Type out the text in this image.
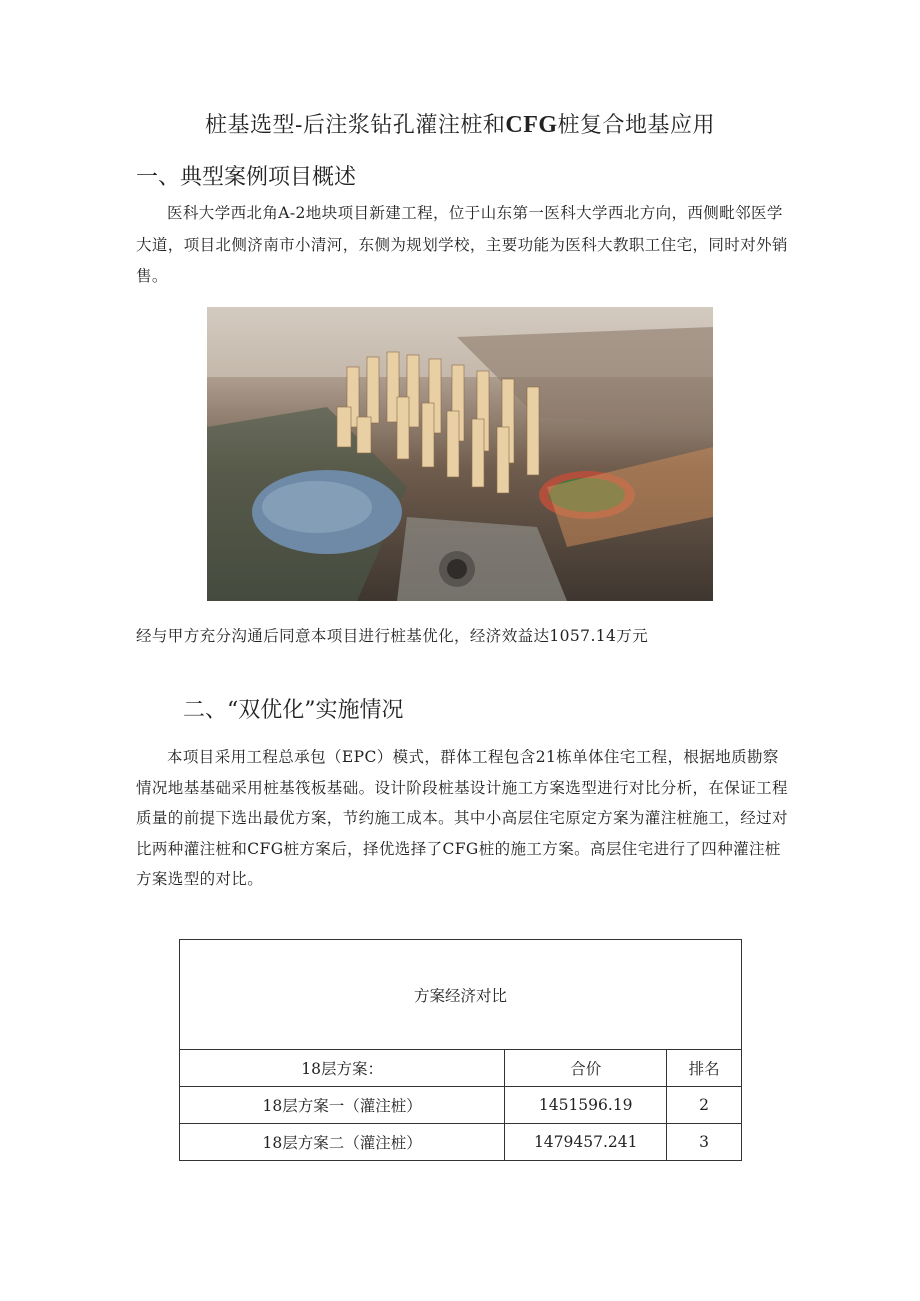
桩基选型-后注浆钻孔灌注桩和CFG桩复合地基应用
一、典型案例项目概述
医科大学西北角A-2地块项目新建工程，位于山东第一医科大学西北方向，西侧毗邻医学大道，项目北侧济南市小清河，东侧为规划学校，主要功能为医科大教职工住宅，同时对外销售。
经与甲方充分沟通后同意本项目进行桩基优化，经济效益达1057.14万元
二、“双优化”实施情况
本项目采用工程总承包（EPC）模式，群体工程包含21栋单体住宅工程，根据地质勘察情况地基基础采用桩基筏板基础。设计阶段桩基设计施工方案选型进行对比分析，在保证工程质量的前提下选出最优方案，节约施工成本。其中小高层住宅原定方案为灌注桩施工，经过对比两种灌注桩和CFG桩方案后，择优选择了CFG桩的施工方案。高层住宅进行了四种灌注桩方案选型的对比。
方案经济对比		
18层方案：	合价	排名
18层方案一（灌注桩）	1451596.19	2
18层方案二（灌注桩）	1479457.241	3
